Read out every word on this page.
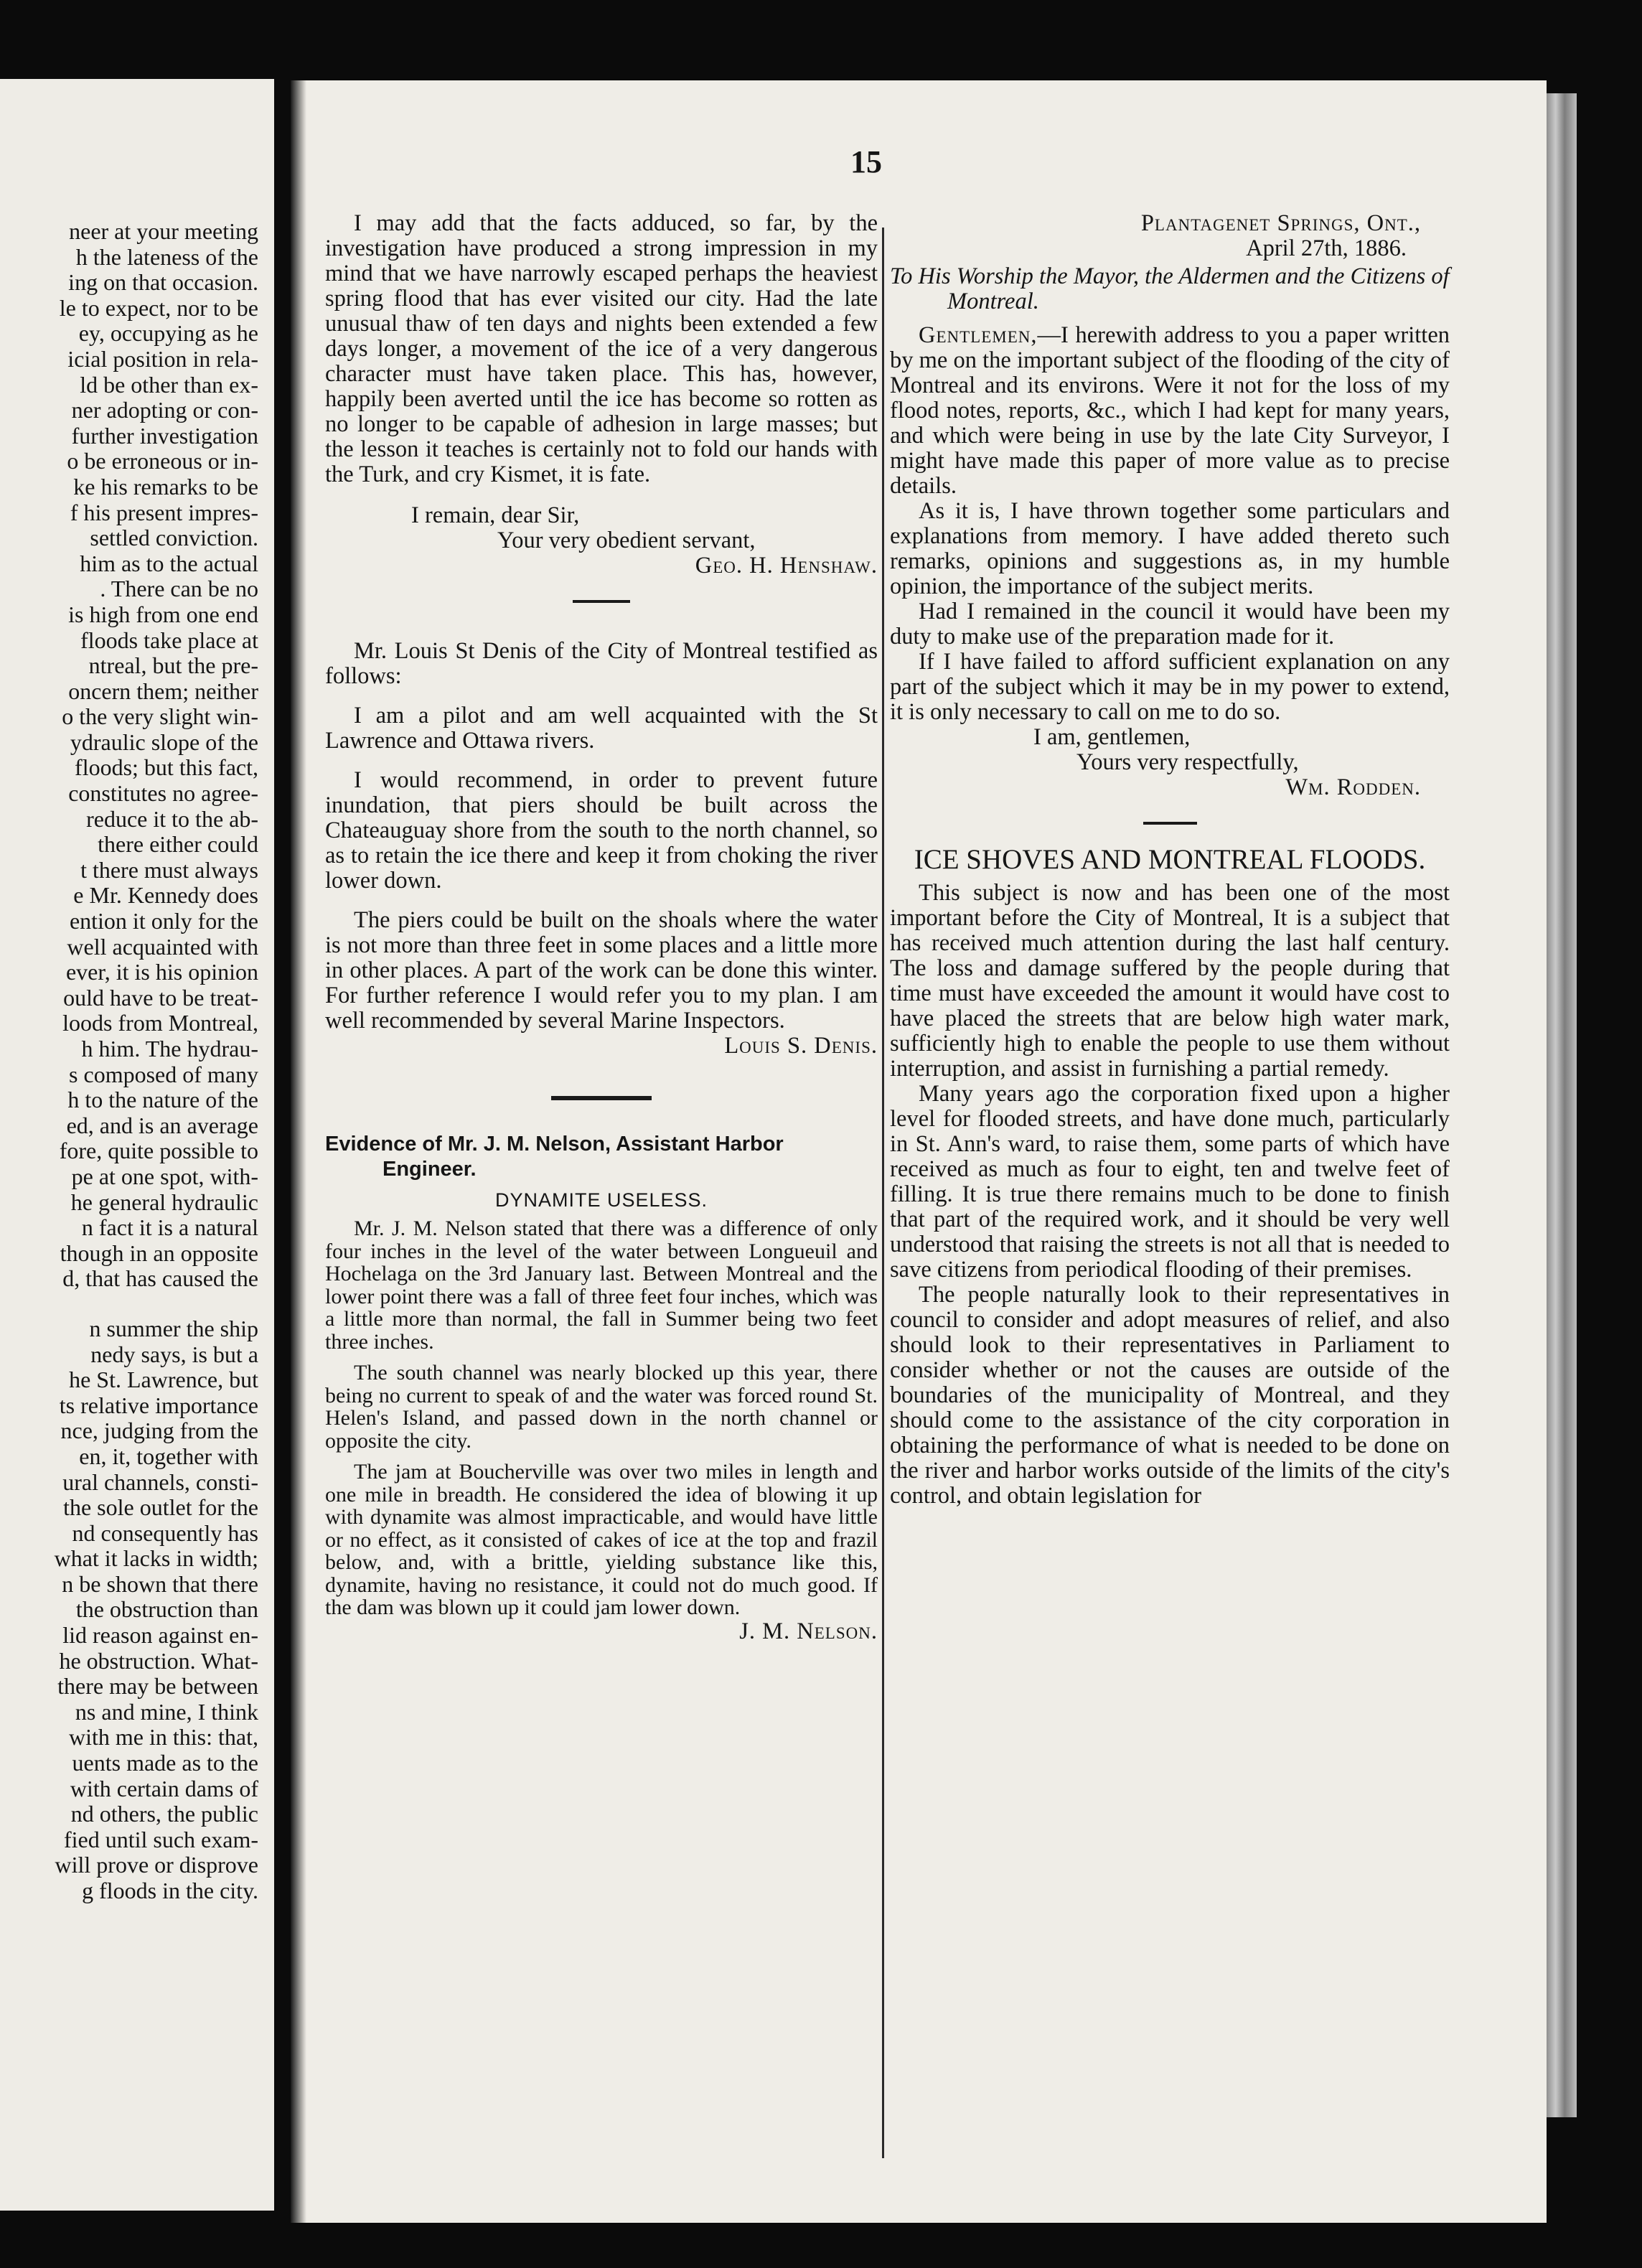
neer at your meeting
h the lateness of the
ing on that occasion.
le to expect, nor to be
ey, occupying as he
icial position in rela-
ld be other than ex-
ner adopting or con-
further investigation
o be erroneous or in-
ke his remarks to be
f his present impres-
settled conviction.
him as to the actual
. There can be no
is high from one end
floods take place at
ntreal, but the pre-
oncern them; neither
o the very slight win-
ydraulic slope of the
floods; but this fact,
constitutes no agree-
reduce it to the ab-
there either could
t there must always
e Mr. Kennedy does
ention it only for the
well acquainted with
ever, it is his opinion
ould have to be treat-
loods from Montreal,
h him. The hydrau-
s composed of many
h to the nature of the
ed, and is an average
fore, quite possible to
pe at one spot, with-
he general hydraulic
n fact it is a natural
though in an opposite
d, that has caused the

n summer the ship
nedy says, is but a
he St. Lawrence, but
ts relative importance
nce, judging from the
en, it, together with
ural channels, consti-
the sole outlet for the
nd consequently has
what it lacks in width;
n be shown that there
the obstruction than
lid reason against en-
he obstruction. What-
there may be between
ns and mine, I think
with me in this: that,
uents made as to the
with certain dams of
nd others, the public
fied until such exam-
will prove or disprove
g floods in the city.

15

I may add that the facts adduced, so far, by the investigation have produced a strong impression in my mind that we have narrowly escaped perhaps the heaviest spring flood that has ever visited our city. Had the late unusual thaw of ten days and nights been extended a few days longer, a movement of the ice of a very dangerous character must have taken place. This has, however, happily been averted until the ice has become so rotten as no longer to be capable of adhesion in large masses; but the lesson it teaches is certainly not to fold our hands with the Turk, and cry Kismet, it is fate.

I remain, dear Sir,

Your very obedient servant,

Geo. H. Henshaw.

Mr. Louis St Denis of the City of Montreal testified as follows:

I am a pilot and am well acquainted with the St Lawrence and Ottawa rivers.

I would recommend, in order to prevent future inundation, that piers should be built across the Chateauguay shore from the south to the north channel, so as to retain the ice there and keep it from choking the river lower down.

The piers could be built on the shoals where the water is not more than three feet in some places and a little more in other places. A part of the work can be done this winter. For further reference I would refer you to my plan. I am well recommended by several Marine Inspectors.

Louis S. Denis.

Evidence of Mr. J. M. Nelson, Assistant Harbor Engineer.

DYNAMITE USELESS.

Mr. J. M. Nelson stated that there was a difference of only four inches in the level of the water between Longueuil and Hochelaga on the 3rd January last. Between Montreal and the lower point there was a fall of three feet four inches, which was a little more than normal, the fall in Summer being two feet three inches.

The south channel was nearly blocked up this year, there being no current to speak of and the water was forced round St. Helen's Island, and passed down in the north channel or opposite the city.

The jam at Boucherville was over two miles in length and one mile in breadth. He considered the idea of blowing it up with dynamite was almost impracticable, and would have little or no effect, as it consisted of cakes of ice at the top and frazil below, and, with a brittle, yielding substance like this, dynamite, having no resistance, it could not do much good. If the dam was blown up it could jam lower down.

J. M. Nelson.

Plantagenet Springs, Ont.,

April 27th, 1886.

To His Worship the Mayor, the Aldermen and the Citizens of Montreal.

Gentlemen,—I herewith address to you a paper written by me on the important subject of the flooding of the city of Montreal and its environs. Were it not for the loss of my flood notes, reports, &c., which I had kept for many years, and which were being in use by the late City Surveyor, I might have made this paper of more value as to precise details.

As it is, I have thrown together some particulars and explanations from memory. I have added thereto such remarks, opinions and suggestions as, in my humble opinion, the importance of the subject merits.

Had I remained in the council it would have been my duty to make use of the preparation made for it.

If I have failed to afford sufficient explanation on any part of the subject which it may be in my power to extend, it is only necessary to call on me to do so.

I am, gentlemen,

Yours very respectfully,

Wm. Rodden.

ICE SHOVES AND MONTREAL FLOODS.

This subject is now and has been one of the most important before the City of Montreal, It is a subject that has received much attention during the last half century. The loss and damage suffered by the people during that time must have exceeded the amount it would have cost to have placed the streets that are below high water mark, sufficiently high to enable the people to use them without interruption, and assist in furnishing a partial remedy.

Many years ago the corporation fixed upon a higher level for flooded streets, and have done much, particularly in St. Ann's ward, to raise them, some parts of which have received as much as four to eight, ten and twelve feet of filling. It is true there remains much to be done to finish that part of the required work, and it should be very well understood that raising the streets is not all that is needed to save citizens from periodical flooding of their premises.

The people naturally look to their representatives in council to consider and adopt measures of relief, and also should look to their representatives in Parliament to consider whether or not the causes are outside of the boundaries of the municipality of Montreal, and they should come to the assistance of the city corporation in obtaining the performance of what is needed to be done on the river and harbor works outside of the limits of the city's control, and obtain legislation for
